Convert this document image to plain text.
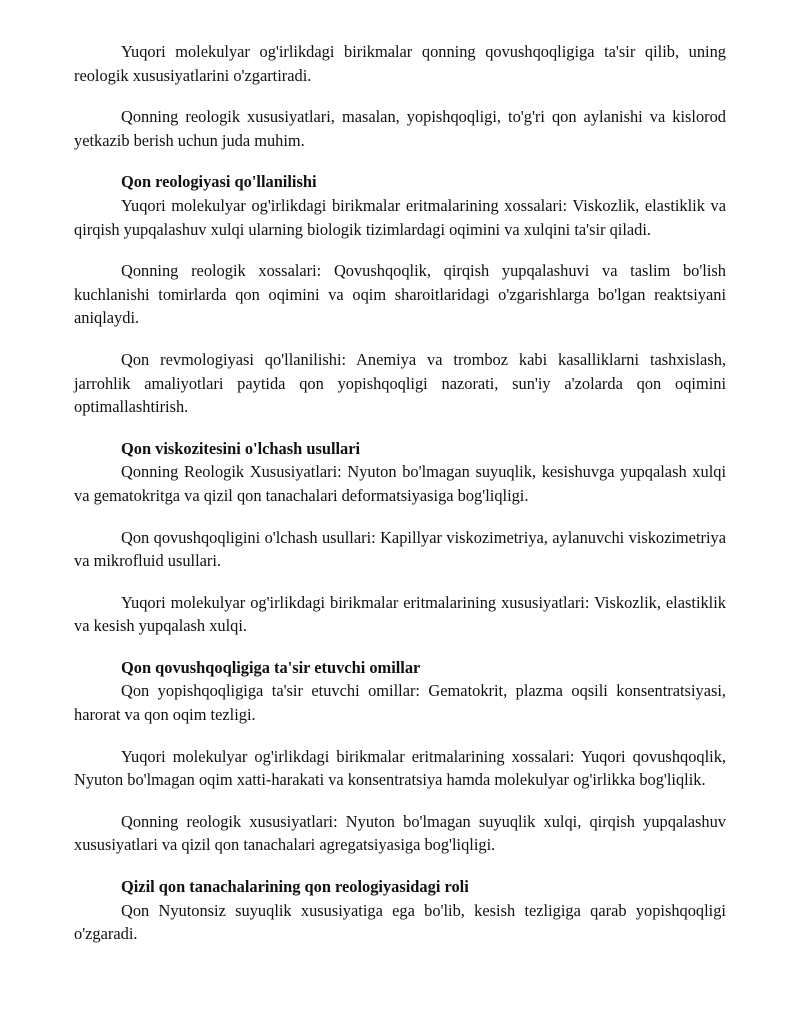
Yuqori molekulyar og'irlikdagi birikmalar qonning qovushqoqligiga ta'sir qilib, uning reologik xususiyatlarini o'zgartiradi.

Qonning reologik xususiyatlari, masalan, yopishqoqligi, to'g'ri qon aylanishi va kislorod yetkazib berish uchun juda muhim.

Qon reologiyasi qo'llanilishi

Yuqori molekulyar og'irlikdagi birikmalar eritmalarining xossalari: Viskozlik, elastiklik va qirqish yupqalashuv xulqi ularning biologik tizimlardagi oqimini va xulqini ta'sir qiladi.

Qonning reologik xossalari: Qovushqoqlik, qirqish yupqalashuvi va taslim bo'lish kuchlanishi tomirlarda qon oqimini va oqim sharoitlaridagi o'zgarishlarga bo'lgan reaktsiyani aniqlaydi.

Qon revmologiyasi qo'llanilishi: Anemiya va tromboz kabi kasalliklarni tashxislash, jarrohlik amaliyotlari paytida qon yopishqoqligi nazorati, sun'iy a'zolarda qon oqimini optimallashtirish.

Qon viskozitesini o'lchash usullari

Qonning Reologik Xususiyatlari: Nyuton bo'lmagan suyuqlik, kesishuvga yupqalash xulqi va gematokritga va qizil qon tanachalari deformatsiyasiga bog'liqligi.

Qon qovushqoqligini o'lchash usullari: Kapillyar viskozimetriya, aylanuvchi viskozimetriya va mikrofluid usullari.

Yuqori molekulyar og'irlikdagi birikmalar eritmalarining xususiyatlari: Viskozlik, elastiklik va kesish yupqalash xulqi.

Qon qovushqoqligiga ta'sir etuvchi omillar

Qon yopishqoqligiga ta'sir etuvchi omillar: Gematokrit, plazma oqsili konsentratsiyasi, harorat va qon oqim tezligi.

Yuqori molekulyar og'irlikdagi birikmalar eritmalarining xossalari: Yuqori qovushqoqlik, Nyuton bo'lmagan oqim xatti-harakati va konsentratsiya hamda molekulyar og'irlikka bog'liqlik.

Qonning reologik xususiyatlari: Nyuton bo'lmagan suyuqlik xulqi, qirqish yupqalashuv xususiyatlari va qizil qon tanachalari agregatsiyasiga bog'liqligi.

Qizil qon tanachalarining qon reologiyasidagi roli

Qon Nyutonsiz suyuqlik xususiyatiga ega bo'lib, kesish tezligiga qarab yopishqoqligi o'zgaradi.
